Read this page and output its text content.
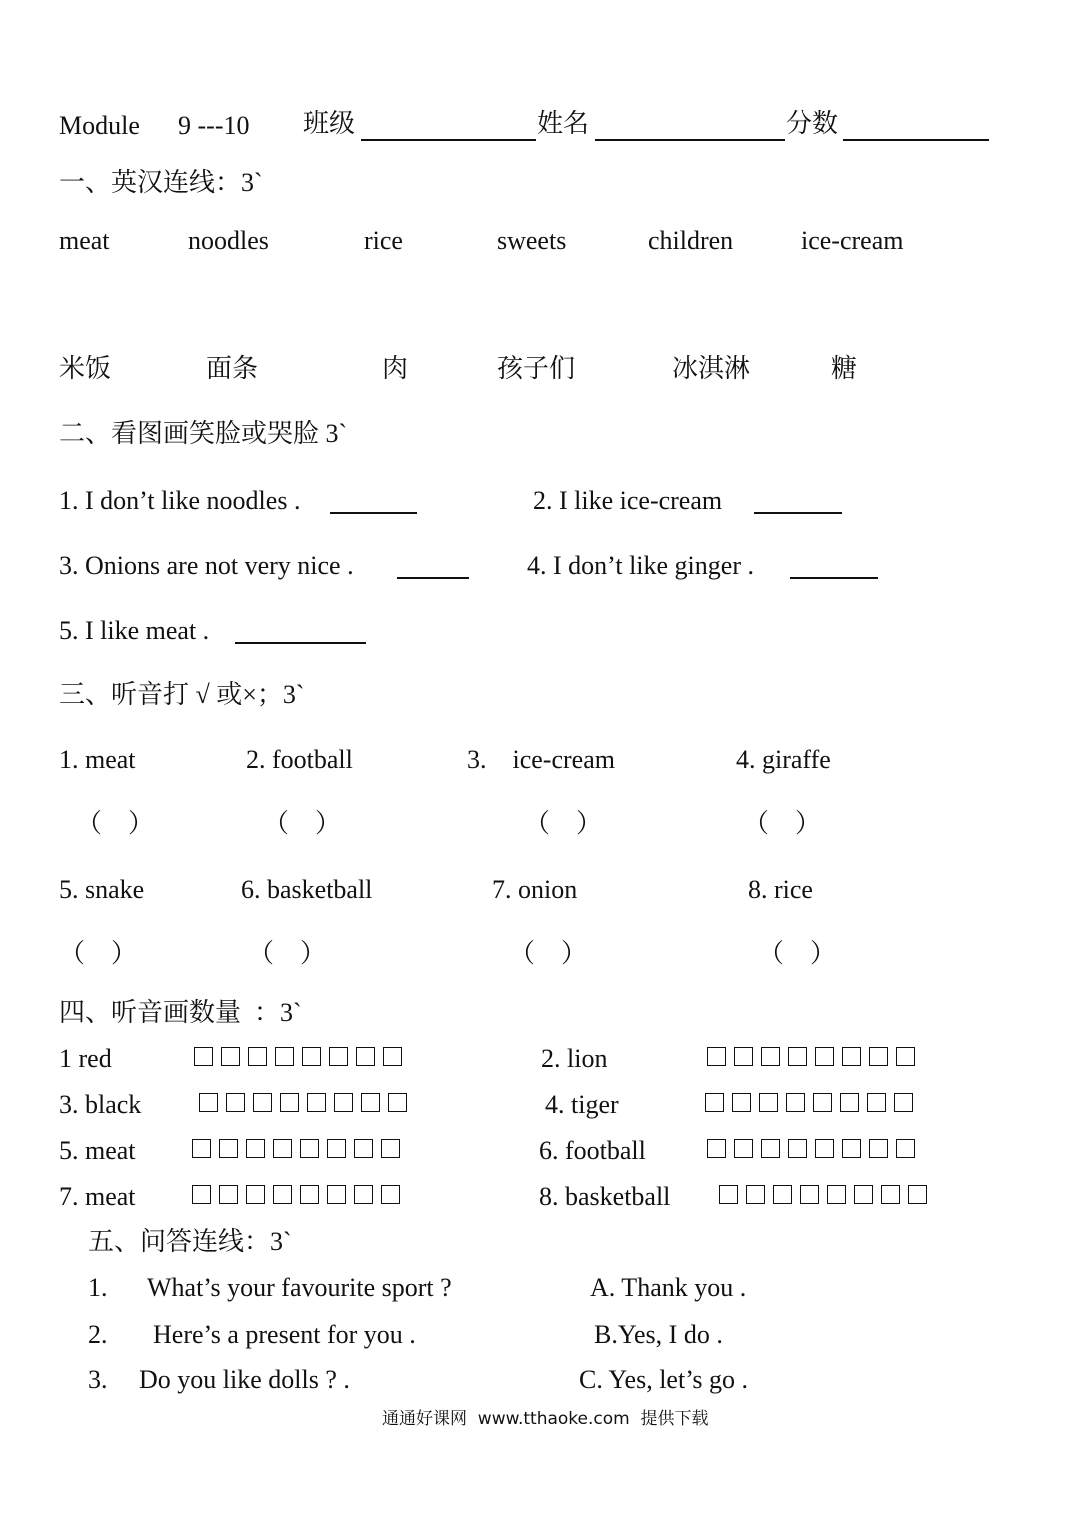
Module 9 ---10 班级	姓名	分数
一、英汉连线：3`
meat	noodles	rice	sweets	children	ice-cream
米饭	面条	肉	孩子们	冰淇淋	糖
二、看图画笑脸或哭脸 3`
1. I don’t like noodles .	2. I like ice-cream
3. Onions are not very nice .	4. I don’t like ginger .
5. I like meat .
三、听音打 √ 或×；3`
1. meat	2. football	3.    ice-cream	4. giraffe
（    ）	（    ）	（    ）	（    ）
5. snake	6. basketball	7. onion	8. rice
（    ）	（    ）	（    ）	（    ）
四、听音画数量  ：3`
1 red	2. lion
3. black	4. tiger
5. meat	6. football
7. meat	8. basketball
五、问答连线：3`
1. What’s your favourite sport ?	A. Thank you .
2. Here’s a present for you .	B.Yes, I do .
3. Do you like dolls ? .	C. Yes, let’s go .
通通好课网  www.tthaoke.com  提供下载
